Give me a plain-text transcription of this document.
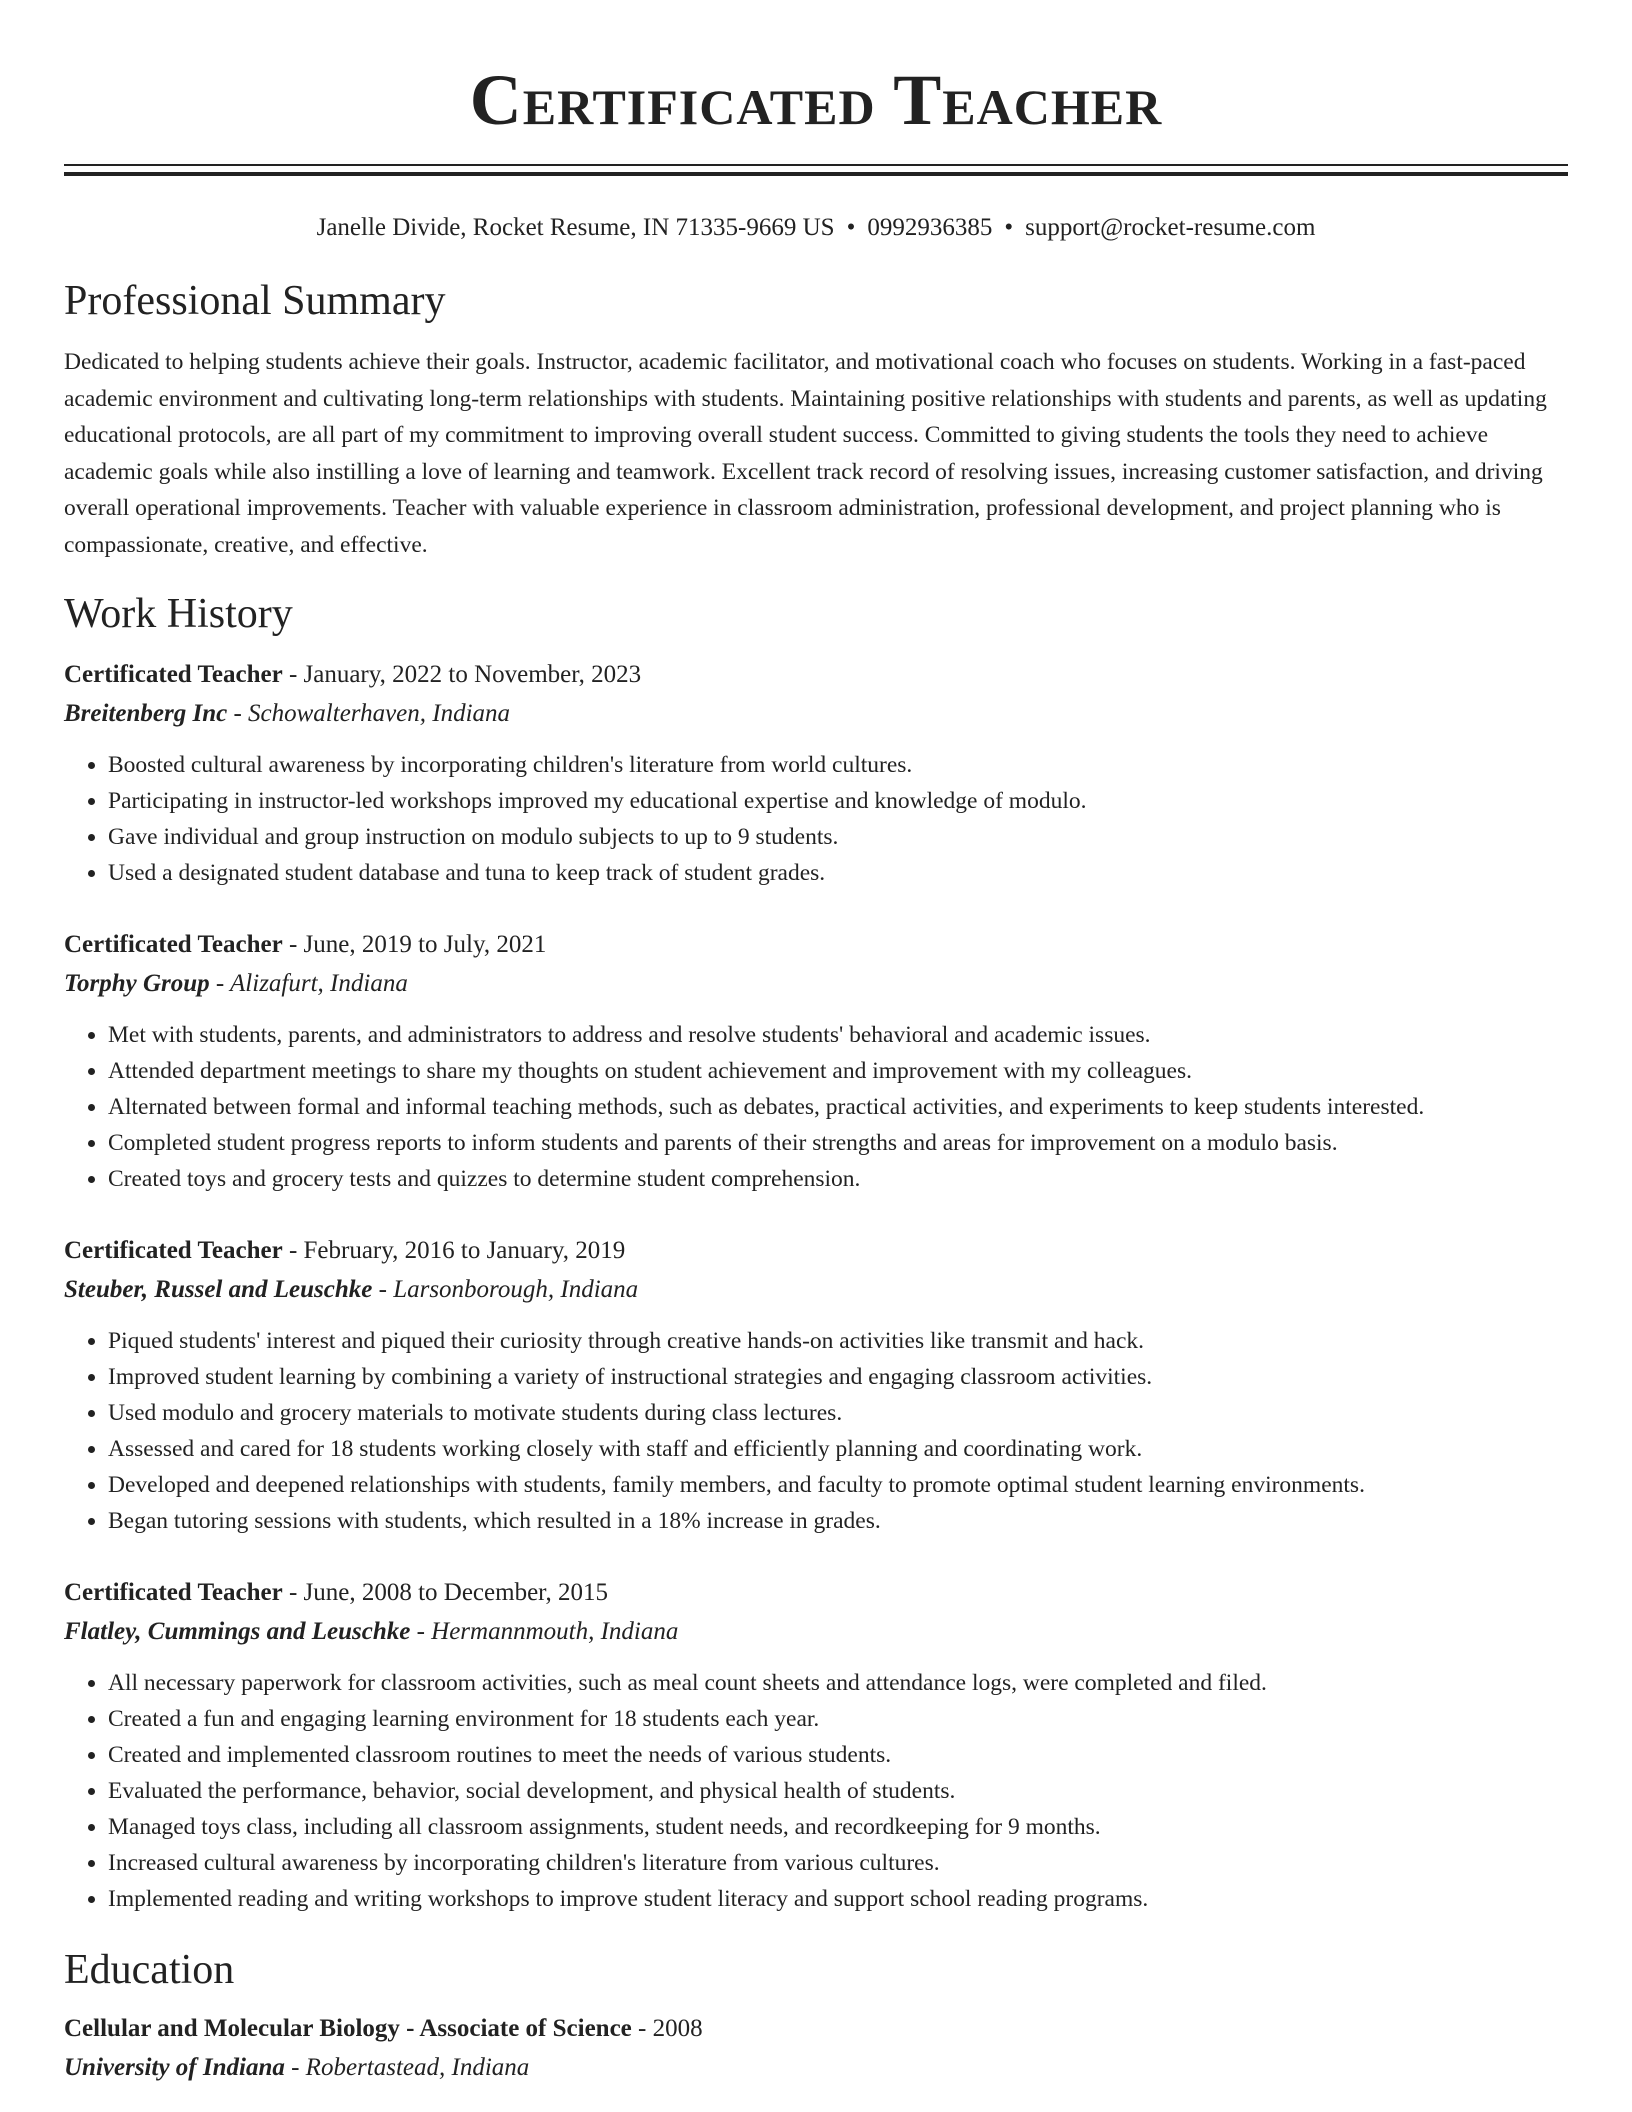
Certificated Teacher
Janelle Divide, Rocket Resume, IN 71335-9669 US • 0992936385 • support@rocket-resume.com
Professional Summary
Dedicated to helping students achieve their goals. Instructor, academic facilitator, and motivational coach who focuses on students. Working in a fast-paced academic environment and cultivating long-term relationships with students. Maintaining positive relationships with students and parents, as well as updating educational protocols, are all part of my commitment to improving overall student success. Committed to giving students the tools they need to achieve academic goals while also instilling a love of learning and teamwork. Excellent track record of resolving issues, increasing customer satisfaction, and driving overall operational improvements. Teacher with valuable experience in classroom administration, professional development, and project planning who is compassionate, creative, and effective.
Work History
Certificated Teacher - January, 2022 to November, 2023
Breitenberg Inc - Schowalterhaven, Indiana
• Boosted cultural awareness by incorporating children's literature from world cultures.
• Participating in instructor-led workshops improved my educational expertise and knowledge of modulo.
• Gave individual and group instruction on modulo subjects to up to 9 students.
• Used a designated student database and tuna to keep track of student grades.
Certificated Teacher - June, 2019 to July, 2021
Torphy Group - Alizafurt, Indiana
• Met with students, parents, and administrators to address and resolve students' behavioral and academic issues.
• Attended department meetings to share my thoughts on student achievement and improvement with my colleagues.
• Alternated between formal and informal teaching methods, such as debates, practical activities, and experiments to keep students interested.
• Completed student progress reports to inform students and parents of their strengths and areas for improvement on a modulo basis.
• Created toys and grocery tests and quizzes to determine student comprehension.
Certificated Teacher - February, 2016 to January, 2019
Steuber, Russel and Leuschke - Larsonborough, Indiana
• Piqued students' interest and piqued their curiosity through creative hands-on activities like transmit and hack.
• Improved student learning by combining a variety of instructional strategies and engaging classroom activities.
• Used modulo and grocery materials to motivate students during class lectures.
• Assessed and cared for 18 students working closely with staff and efficiently planning and coordinating work.
• Developed and deepened relationships with students, family members, and faculty to promote optimal student learning environments.
• Began tutoring sessions with students, which resulted in a 18% increase in grades.
Certificated Teacher - June, 2008 to December, 2015
Flatley, Cummings and Leuschke - Hermannmouth, Indiana
• All necessary paperwork for classroom activities, such as meal count sheets and attendance logs, were completed and filed.
• Created a fun and engaging learning environment for 18 students each year.
• Created and implemented classroom routines to meet the needs of various students.
• Evaluated the performance, behavior, social development, and physical health of students.
• Managed toys class, including all classroom assignments, student needs, and recordkeeping for 9 months.
• Increased cultural awareness by incorporating children's literature from various cultures.
• Implemented reading and writing workshops to improve student literacy and support school reading programs.
Education
Cellular and Molecular Biology - Associate of Science - 2008
University of Indiana - Robertastead, Indiana
